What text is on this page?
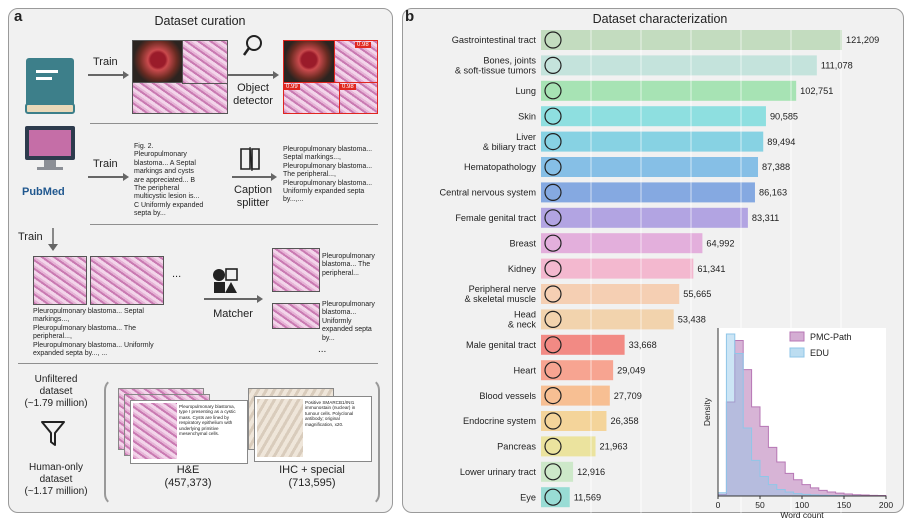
a	Dataset curation
Train
Object
detector
0.98
0.99	0.98
PubMed
Train
Fig. 2.
Pleuropulmonary
blastoma... A Septal
markings and cysts
are appreciated... B
The peripheral
multicystic lesion is...
C Uniformly expanded
septa by...
Caption
splitter
Pleuropulmonary blastoma...
Septal markings...,
Pleuropulmonary blastoma...
The peripheral...,
Pleuropulmonary blastoma...
Uniformly expanded septa
by...,...
Train
...
Pleuropulmonary blastoma... Septal
markings...,
Pleuropulmonary blastoma... The
peripheral...,
Pleuropulmonary blastoma... Uniformly
expanded septa by..., ...
Matcher
Pleuropulmonary
blastoma... The
peripheral...
Pleuropulmonary
blastoma...
Uniformly
expanded septa
by...
...
Unfiltered
dataset
(~1.79 million)
Human-only
dataset
(~1.17 million)
Pleuropulmonary blastoma, type I presenting as a cystic mass. Cysts are lined by respiratory epithelium with underlying primitive mesenchymal cells.
H&E
(457,373)
Positive SMARCB1/INI1 immunostain (nuclear) in tumour cells. Polyclonal antibody; original magnification, x20.
IHC + special
(713,595)
b	Dataset characterization
Gastrointestinal tract	121,209
Bones, joints & soft-tissue tumors	111,078
Lung	102,751
Skin	90,585
Liver & biliary tract	89,494
Hematopathology	87,388
Central nervous system	86,163
Female genital tract	83,311
Breast	64,992
Kidney	61,341
Peripheral nerve & skeletal muscle	55,665
Head & neck	53,438
Male genital tract	33,668
Heart	29,049
Blood vessels	27,709
Endocrine system	26,358
Pancreas	21,963
Lower urinary tract	12,916
Eye	11,569
0	50	100	150	200
Word count
Density
PMC-Path
EDU
